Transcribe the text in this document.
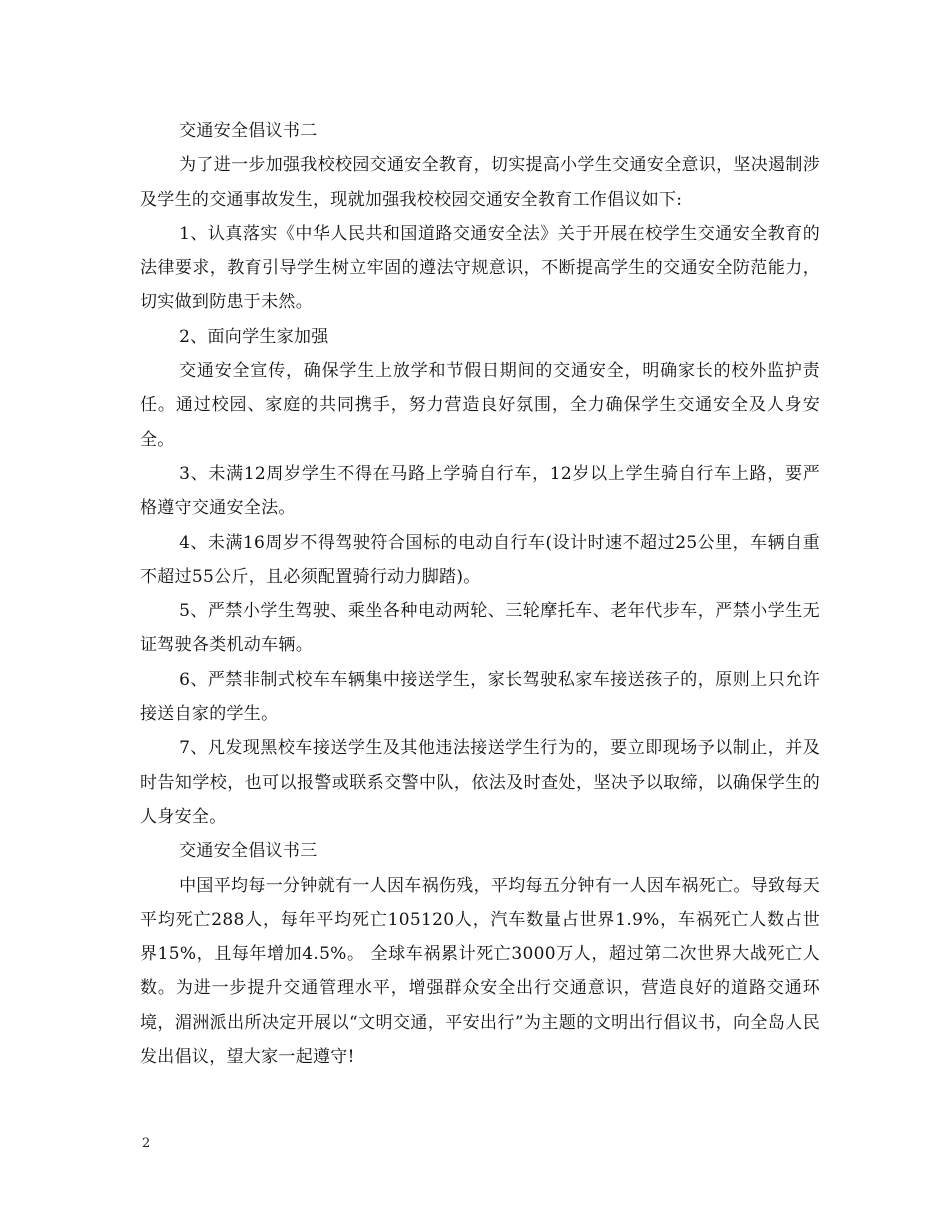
交通安全倡议书二

为了进一步加强我校校园交通安全教育，切实提高小学生交通安全意识，坚决遏制涉及学生的交通事故发生，现就加强我校校园交通安全教育工作倡议如下:

1、认真落实《中华人民共和国道路交通安全法》关于开展在校学生交通安全教育的法律要求，教育引导学生树立牢固的遵法守规意识，不断提高学生的交通安全防范能力，切实做到防患于未然。

2、面向学生家加强

交通安全宣传，确保学生上放学和节假日期间的交通安全，明确家长的校外监护责任。通过校园、家庭的共同携手，努力营造良好氛围，全力确保学生交通安全及人身安全。

3、未满12周岁学生不得在马路上学骑自行车，12岁以上学生骑自行车上路，要严格遵守交通安全法。

4、未满16周岁不得驾驶符合国标的电动自行车(设计时速不超过25公里，车辆自重不超过55公斤，且必须配置骑行动力脚踏)。

5、严禁小学生驾驶、乘坐各种电动两轮、三轮摩托车、老年代步车，严禁小学生无证驾驶各类机动车辆。

6、严禁非制式校车车辆集中接送学生，家长驾驶私家车接送孩子的，原则上只允许接送自家的学生。

7、凡发现黑校车接送学生及其他违法接送学生行为的，要立即现场予以制止，并及时告知学校，也可以报警或联系交警中队，依法及时查处，坚决予以取缔，以确保学生的人身安全。

交通安全倡议书三

中国平均每一分钟就有一人因车祸伤残，平均每五分钟有一人因车祸死亡。导致每天平均死亡288人，每年平均死亡105120人，汽车数量占世界1.9%，车祸死亡人数占世界15%，且每年增加4.5%。 全球车祸累计死亡3000万人，超过第二次世界大战死亡人数。为进一步提升交通管理水平，增强群众安全出行交通意识，营造良好的道路交通环境，湄洲派出所决定开展以“文明交通，平安出行”为主题的文明出行倡议书，向全岛人民发出倡议，望大家一起遵守!

2
